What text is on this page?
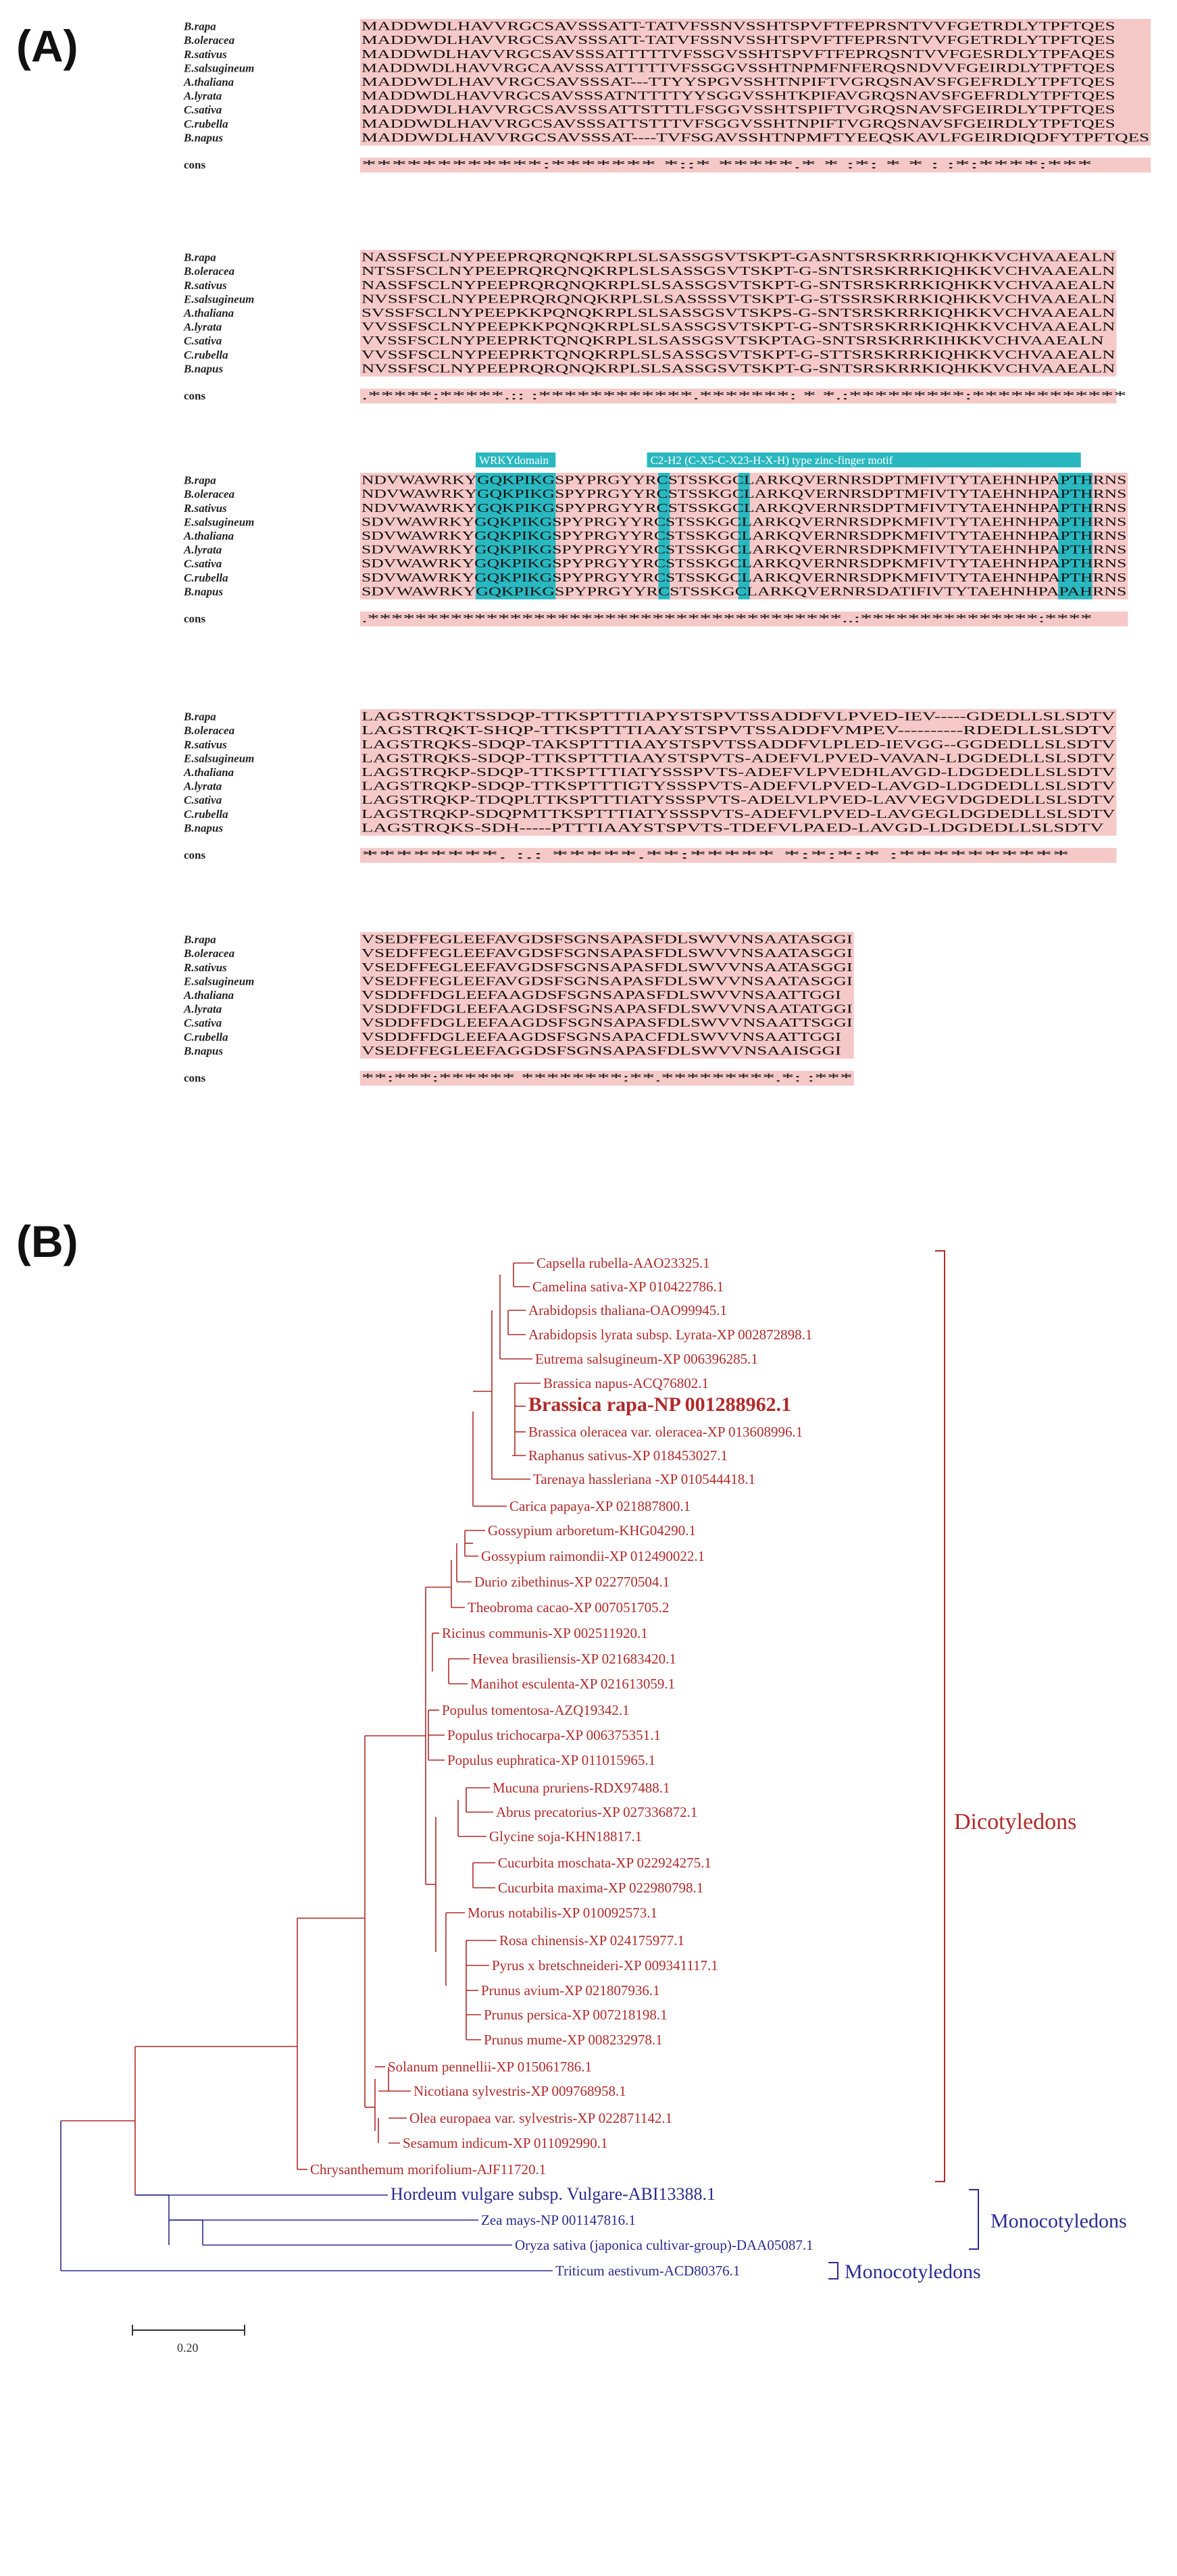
(A)
(B)
WRKYdomain	C2-H2 (C-X5-C-X23-H-X-H) type zinc-finger motif
B.rapa	MADDWDLHAVVRGCSAVSSSATT-TATVFSSNVSSHTSPVFTFEPRSNTVVFGETRDLYTPFTQES
B.oleracea	MADDWDLHAVVRGCSAVSSSATT-TATVFSSNVSSHTSPVFTFEPRSNTVVFGETRDLYTPFTQES
R.sativus	MADDWDLHAVVRGCSAVSSSATTTTTVFSSGVSSHTSPVFTFEPRQSNTVVFGESRDLYTPFAQES
E.salsugineum	MADDWDLHAVVRGCAAVSSSATTTTTVFSSGGVSSHTNPMFNFERQSNDVVFGEIRDLYTPFTQES
A.thaliana	MADDWDLHAVVRGCSAVSSSAT---TTYYSPGVSSHTNPIFTVGRQSNAVSFGEFRDLYTPFTQES
A.lyrata	MADDWDLHAVVRGCSAVSSSATNTTTTYYSGGVSSHTKPIFAVGRQSNAVSFGEFRDLYTPFTQES
C.sativa	MADDWDLHAVVRGCSAVSSSATTSTTTLFSGGVSSHTSPIFTVGRQSNAVSFGEIRDLYTPFTQES
C.rubella	MADDWDLHAVVRGCSAVSSSATTSTTTVFSGGVSSHTNPIFTVGRQSNAVSFGEIRDLYTPFTQES
B.napus	MADDWDLHAVVRGCSAVSSSAT----TVFSGAVSSHTNPMFTYEEQSKAVLFGEIRDIQDFYTPFTQES
cons	************:******* *::* *****.* * :*: * * : :*:****:***
B.rapa	NASSFSCLNYPEEPRQRQNQKRPLSLSASSGSVTSKPT-GASNTSRSKRRKIQHKKVCHVAAEALN
B.oleracea	NTSSFSCLNYPEEPRQRQNQKRPLSLSASSGSVTSKPT-G-SNTSRSKRRKIQHKKVCHVAAEALN
R.sativus	NASSFSCLNYPEEPRQRQNQKRPLSLSASSGSVTSKPT-G-SNTSRSKRRKIQHKKVCHVAAEALN
E.salsugineum	NVSSFSCLNYPEEPRQRQNQKRPLSLSASSSSVTSKPT-G-STSSRSKRRKIQHKKVCHVAAEALN
A.thaliana	SVSSFSCLNYPEEPKKPQNQKRPLSLSASSGSVTSKPS-G-SNTSRSKRRKIQHKKVCHVAAEALN
A.lyrata	VVSSFSCLNYPEEPKKPQNQKRPLSLSASSGSVTSKPT-G-SNTSRSKRRKIQHKKVCHVAAEALN
C.sativa	VVSSFSCLNYPEEPRKTQNQKRPLSLSASSGSVTSKPTAG-SNTSRSKRRKIHKKVCHVAAEALN
C.rubella	VVSSFSCLNYPEEPRKTQNQKRPLSLSASSGSVTSKPT-G-STTSRSKRRKIQHKKVCHVAAEALN
B.napus	NVSSFSCLNYPEEPRQRQNQKRPLSLSASSGSVTSKPT-G-SNTSRSKRRKIQHKKVCHVAAEALN
cons	.*****:*****.:: :************.*******: * *.:*********:************
B.rapa	NDVWAWRKYGQKPIKGSPYPRGYYRCSTSSKGCLARKQVERNRSDPTMFIVTYTAEHNHPAPTHRNS
B.oleracea	NDVWAWRKYGQKPIKGSPYPRGYYRCSTSSKGCLARKQVERNRSDPTMFIVTYTAEHNHPAPTHRNS
R.sativus	NDVWAWRKYGQKPIKGSPYPRGYYRCSTSSKGCLARKQVERNRSDPTMFIVTYTAEHNHPAPTHRNS
E.salsugineum	SDVWAWRKYGQKPIKGSPYPRGYYRCSTSSKGCLARKQVERNRSDPKMFIVTYTAEHNHPAPTHRNS
A.thaliana	SDVWAWRKYGQKPIKGSPYPRGYYRCSTSSKGCLARKQVERNRSDPKMFIVTYTAEHNHPAPTHRNS
A.lyrata	SDVWAWRKYGQKPIKGSPYPRGYYRCSTSSKGCLARKQVERNRSDPKMFIVTYTAEHNHPAPTHRNS
C.sativa	SDVWAWRKYGQKPIKGSPYPRGYYRCSTSSKGCLARKQVERNRSDPKMFIVTYTAEHNHPAPTHRNS
C.rubella	SDVWAWRKYGQKPIKGSPYPRGYYRCSTSSKGCLARKQVERNRSDPKMFIVTYTAEHNHPAPTHRNS
B.napus	SDVWAWRKYGQKPIKGSPYPRGYYRCSTSSKGCLARKQVERNRSDATIFIVTYTAEHNHPAPAHRNS
cons	.****************************************..:***************:****
B.rapa	LAGSTRQKTSSDQP-TTKSPTTTIAPYSTSPVTSSADDFVLPVED-IEV-----GDEDLLSLSDTV
B.oleracea	LAGSTRQKT-SHQP-TTKSPTTTIAAYSTSPVTSSADDFVMPEV----------RDEDLLSLSDTV
R.sativus	LAGSTRQKS-SDQP-TAKSPTTTIAAYSTSPVTSSADDFVLPLED-IEVGG--GGDEDLLSLSDTV
E.salsugineum	LAGSTRQKS-SDQP-TTKSPTTTIAAYSTSPVTS-ADEFVLPVED-VAVAN-LDGDEDLLSLSDTV
A.thaliana	LAGSTRQKP-SDQP-TTKSPTTTIATYSSSPVTS-ADEFVLPVEDHLAVGD-LDGDEDLLSLSDTV
A.lyrata	LAGSTRQKP-SDQP-TTKSPTTTIGTYSSSPVTS-ADEFVLPVED-LAVGD-LDGDEDLLSLSDTV
C.sativa	LAGSTRQKP-TDQPLTTKSPTTTIATYSSSPVTS-ADELVLPVED-LAVVEGVDGDEDLLSLSDTV
C.rubella	LAGSTRQKP-SDQPMTTKSPTTTIATYSSSPVTS-ADEFVLPVED-LAVGEGLDGDEDLLSLSDTV
B.napus	LAGSTRQKS-SDH-----PTTTIAAYSTSPVTS-TDEFVLPAED-LAVGD-LDGDEDLLSLSDTV
cons	********. :.: *****.**:***** *:*:*:* :**********
B.rapa	VSEDFFEGLEEFAVGDSFSGNSAPASFDLSWVVNSAATASGGI
B.oleracea	VSEDFFEGLEEFAVGDSFSGNSAPASFDLSWVVNSAATASGGI
R.sativus	VSEDFFEGLEEFAVGDSFSGNSAPASFDLSWVVNSAATASGGI
E.salsugineum	VSEDFFEGLEEFAVGDSFSGNSAPASFDLSWVVNSAATASGGI
A.thaliana	VSDDFFDGLEEFAAGDSFSGNSAPASFDLSWVVNSAATTGGI
A.lyrata	VSDDFFDGLEEFAAGDSFSGNSAPASFDLSWVVNSAATATGGI
C.sativa	VSDDFFDGLEEFAAGDSFSGNSAPASFDLSWVVNSAATTSGGI
C.rubella	VSDDFFDGLEEFAAGDSFSGNSAPACFDLSWVVNSAATTGGI
B.napus	VSEDFFEGLEEFAGGDSFSGNSAPASFDLSWVVNSAAISGGI
cons	**:***:****** ********:**.*********.*: :***
Capsella rubella-AAO23325.1
Camelina sativa-XP 010422786.1
Arabidopsis thaliana-OAO99945.1
Arabidopsis lyrata subsp. Lyrata-XP 002872898.1
Eutrema salsugineum-XP 006396285.1
Brassica napus-ACQ76802.1
Brassica rapa-NP 001288962.1
Brassica oleracea var. oleracea-XP 013608996.1
Raphanus sativus-XP 018453027.1
Tarenaya hassleriana -XP 010544418.1
Carica papaya-XP 021887800.1
Gossypium arboretum-KHG04290.1
Gossypium raimondii-XP 012490022.1
Durio zibethinus-XP 022770504.1
Theobroma cacao-XP 007051705.2
Ricinus communis-XP 002511920.1
Hevea brasiliensis-XP 021683420.1
Manihot esculenta-XP 021613059.1
Populus tomentosa-AZQ19342.1
Populus trichocarpa-XP 006375351.1
Populus euphratica-XP 011015965.1
Mucuna pruriens-RDX97488.1
Abrus precatorius-XP 027336872.1
Glycine soja-KHN18817.1
Cucurbita moschata-XP 022924275.1
Cucurbita maxima-XP 022980798.1
Morus notabilis-XP 010092573.1
Rosa chinensis-XP 024175977.1
Pyrus x bretschneideri-XP 009341117.1
Prunus avium-XP 021807936.1
Prunus persica-XP 007218198.1
Prunus mume-XP 008232978.1
Solanum pennellii-XP 015061786.1
Nicotiana sylvestris-XP 009768958.1
Olea europaea var. sylvestris-XP 022871142.1
Sesamum indicum-XP 011092990.1
Chrysanthemum morifolium-AJF11720.1
Hordeum vulgare subsp. Vulgare-ABI13388.1
Zea mays-NP 001147816.1
Oryza sativa (japonica cultivar-group)-DAA05087.1
Triticum aestivum-ACD80376.1
Dicotyledons
Monocotyledons
Monocotyledons
0.20
